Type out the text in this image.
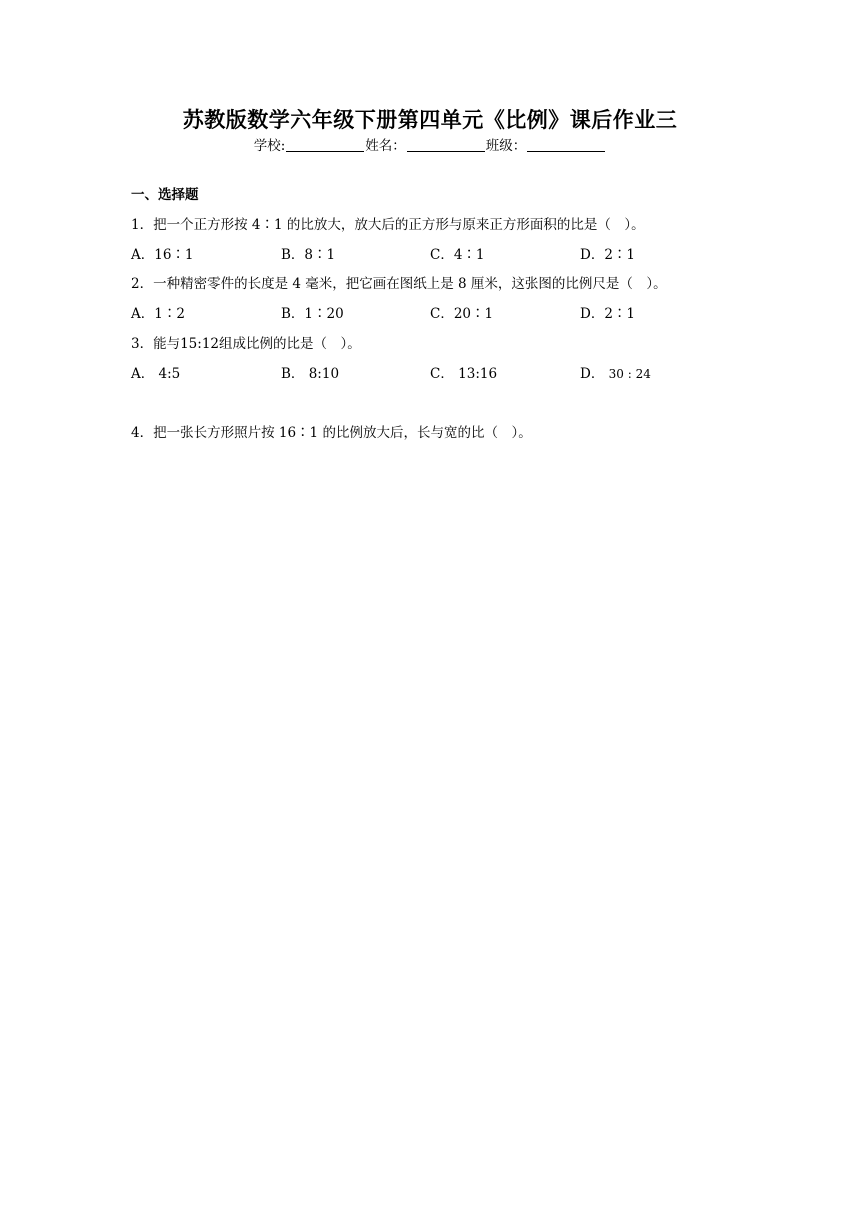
苏教版数学六年级下册第四单元《比例》课后作业三
学校:	姓名：	班级：
一、选择题
1．把一个正方形按 4∶1 的比放大，放大后的正方形与原来正方形面积的比是（　）。
A．16∶1	B．8∶1	C．4∶1	D．2∶1
2．一种精密零件的长度是 4 毫米，把它画在图纸上是 8 厘米，这张图的比例尺是（　）。
A．1∶2	B．1∶20	C．20∶1	D．2∶1
3．能与15:12组成比例的比是（　）。
A． 4:5	B． 8:10	C． 13:16	D． 30 : 24
4．把一张长方形照片按 16∶1 的比例放大后，长与宽的比（　）。
